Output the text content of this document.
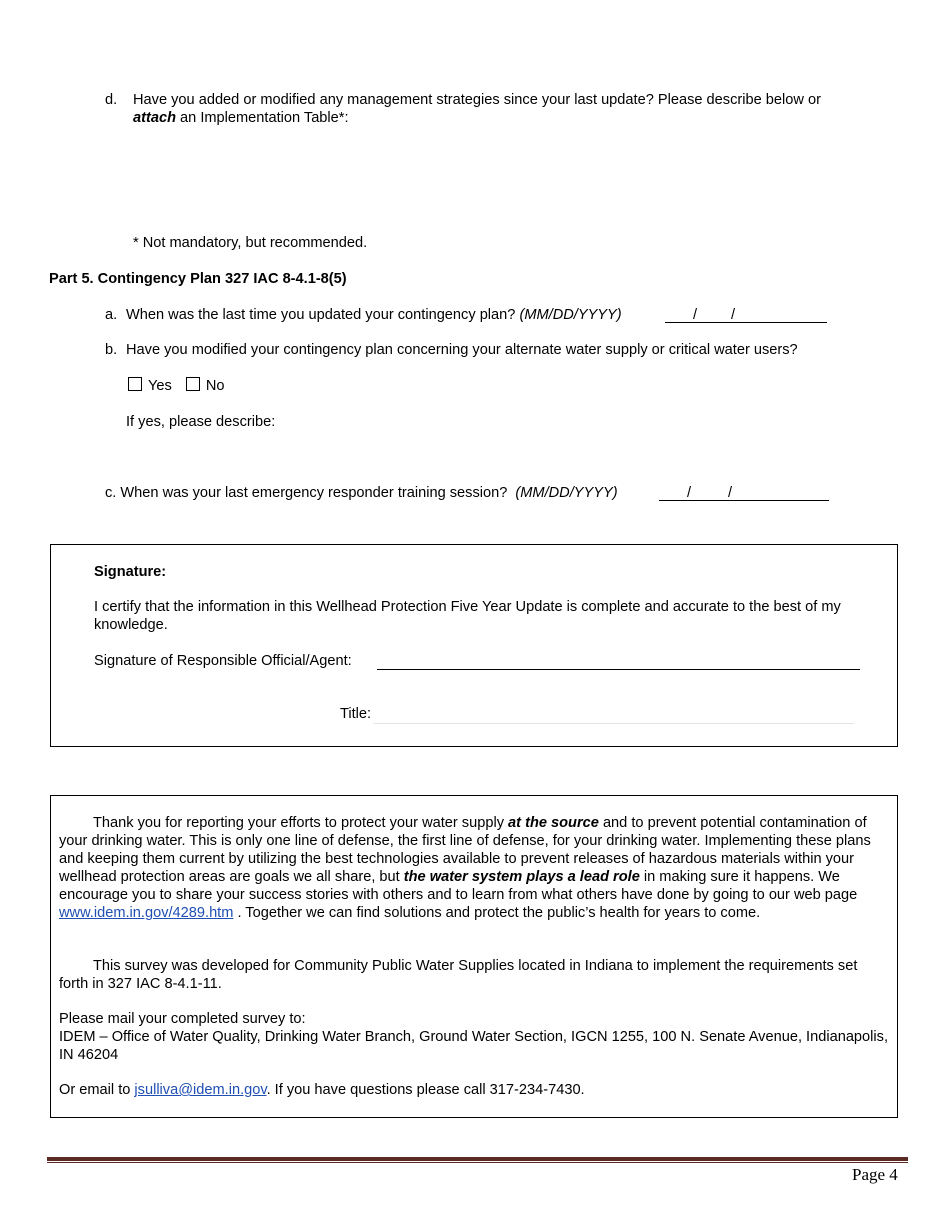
d. Have you added or modified any management strategies since your last update? Please describe below or
attach an Implementation Table*:
* Not mandatory, but recommended.
Part 5. Contingency Plan 327 IAC 8-4.1-8(5)
a. When was the last time you updated your contingency plan? (MM/DD/YYYY)	/ /
b. Have you modified your contingency plan concerning your alternate water supply or critical water users?
Yes No
If yes, please describe:
c. When was your last emergency responder training session? (MM/DD/YYYY)	/	/
Signature:
I certify that the information in this Wellhead Protection Five Year Update is complete and accurate to the best of my knowledge.
Signature of Responsible Official/Agent:
Title:
Thank you for reporting your efforts to protect your water supply at the source and to prevent potential contamination of your drinking water. This is only one line of defense, the first line of defense, for your drinking water. Implementing these plans and keeping them current by utilizing the best technologies available to prevent releases of hazardous materials within your wellhead protection areas are goals we all share, but the water system plays a lead role in making sure it happens. We encourage you to share your success stories with others and to learn from what others have done by going to our web page www.idem.in.gov/4289.htm . Together we can find solutions and protect the public’s health for years to come.
This survey was developed for Community Public Water Supplies located in Indiana to implement the requirements set forth in 327 IAC 8-4.1-11.
Please mail your completed survey to:
IDEM – Office of Water Quality, Drinking Water Branch, Ground Water Section, IGCN 1255, 100 N. Senate Avenue, Indianapolis, IN 46204
Or email to jsulliva@idem.in.gov. If you have questions please call 317-234-7430.
Page 4
